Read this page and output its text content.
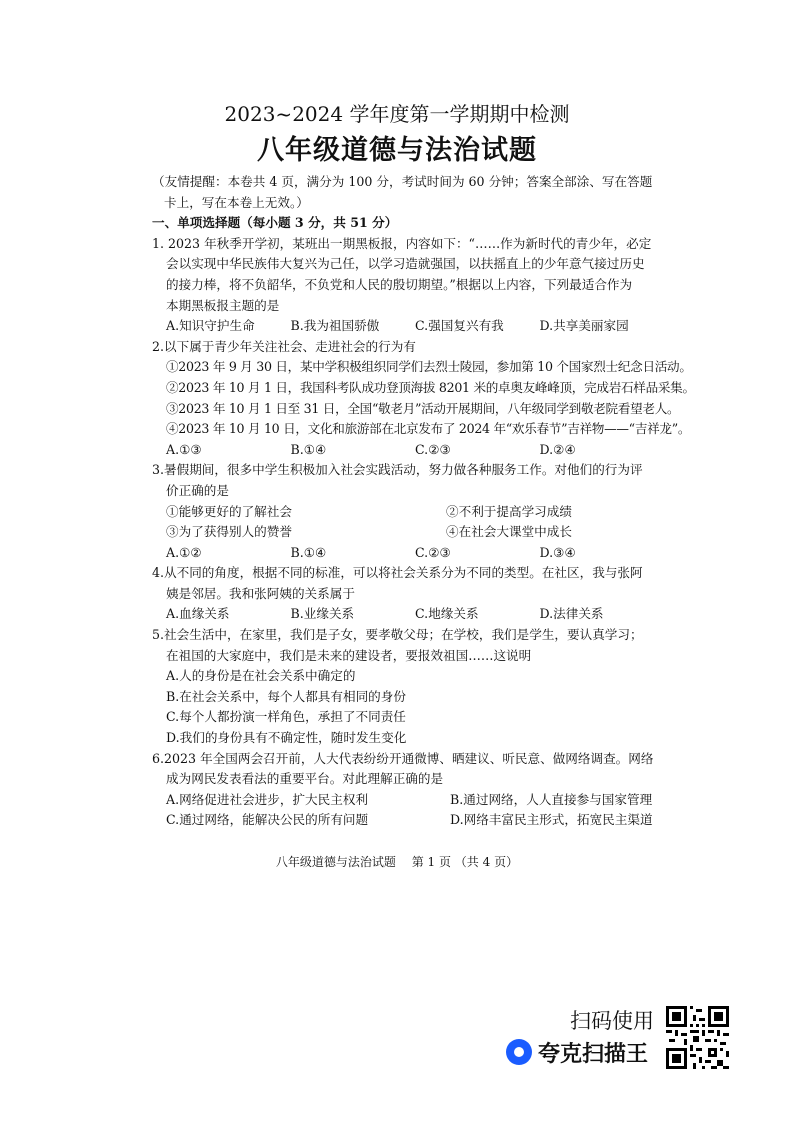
2023~2024 学年度第一学期期中检测
八年级道德与法治试题
（友情提醒：本卷共 4 页，满分为 100 分，考试时间为 60 分钟；答案全部涂、写在答题
卡上，写在本卷上无效。）
一、单项选择题（每小题 3 分，共 51 分）
1. 2023 年秋季开学初，某班出一期黑板报，内容如下：“……作为新时代的青少年，必定
会以实现中华民族伟大复兴为己任，以学习造就强国，以扶摇直上的少年意气接过历史
的接力棒，将不负韶华，不负党和人民的殷切期望。”根据以上内容，下列最适合作为
本期黑板报主题的是
A.知识守护生命	B.我为祖国骄傲	C.强国复兴有我	D.共享美丽家园
2.以下属于青少年关注社会、走进社会的行为有
①2023 年 9 月 30 日，某中学积极组织同学们去烈士陵园，参加第 10 个国家烈士纪念日活动。
②2023 年 10 月 1 日，我国科考队成功登顶海拔 8201 米的卓奥友峰峰顶，完成岩石样品采集。
③2023 年 10 月 1 日至 31 日，全国“敬老月”活动开展期间，八年级同学到敬老院看望老人。
④2023 年 10 月 10 日，文化和旅游部在北京发布了 2024 年“欢乐春节”吉祥物——“吉祥龙”。
A.①③	B.①④	C.②③	D.②④
3.暑假期间，很多中学生积极加入社会实践活动，努力做各种服务工作。对他们的行为评
价正确的是
①能够更好的了解社会	②不利于提高学习成绩
③为了获得别人的赞誉	④在社会大课堂中成长
A.①②	B.①④	C.②③	D.③④
4.从不同的角度，根据不同的标准，可以将社会关系分为不同的类型。在社区，我与张阿
姨是邻居。我和张阿姨的关系属于
A.血缘关系	B.业缘关系	C.地缘关系	D.法律关系
5.社会生活中，在家里，我们是子女，要孝敬父母；在学校，我们是学生，要认真学习；
在祖国的大家庭中，我们是未来的建设者，要报效祖国……这说明
A.人的身份是在社会关系中确定的
B.在社会关系中，每个人都具有相同的身份
C.每个人都扮演一样角色，承担了不同责任
D.我们的身份具有不确定性，随时发生变化
6.2023 年全国两会召开前，人大代表纷纷开通微博、晒建议、听民意、做网络调查。网络
成为网民发表看法的重要平台。对此理解正确的是
A.网络促进社会进步，扩大民主权利	B.通过网络，人人直接参与国家管理
C.通过网络，能解决公民的所有问题	D.网络丰富民主形式，拓宽民主渠道
八年级道德与法治试题　 第 1 页 （共 4 页）
扫码使用
夸克扫描王
